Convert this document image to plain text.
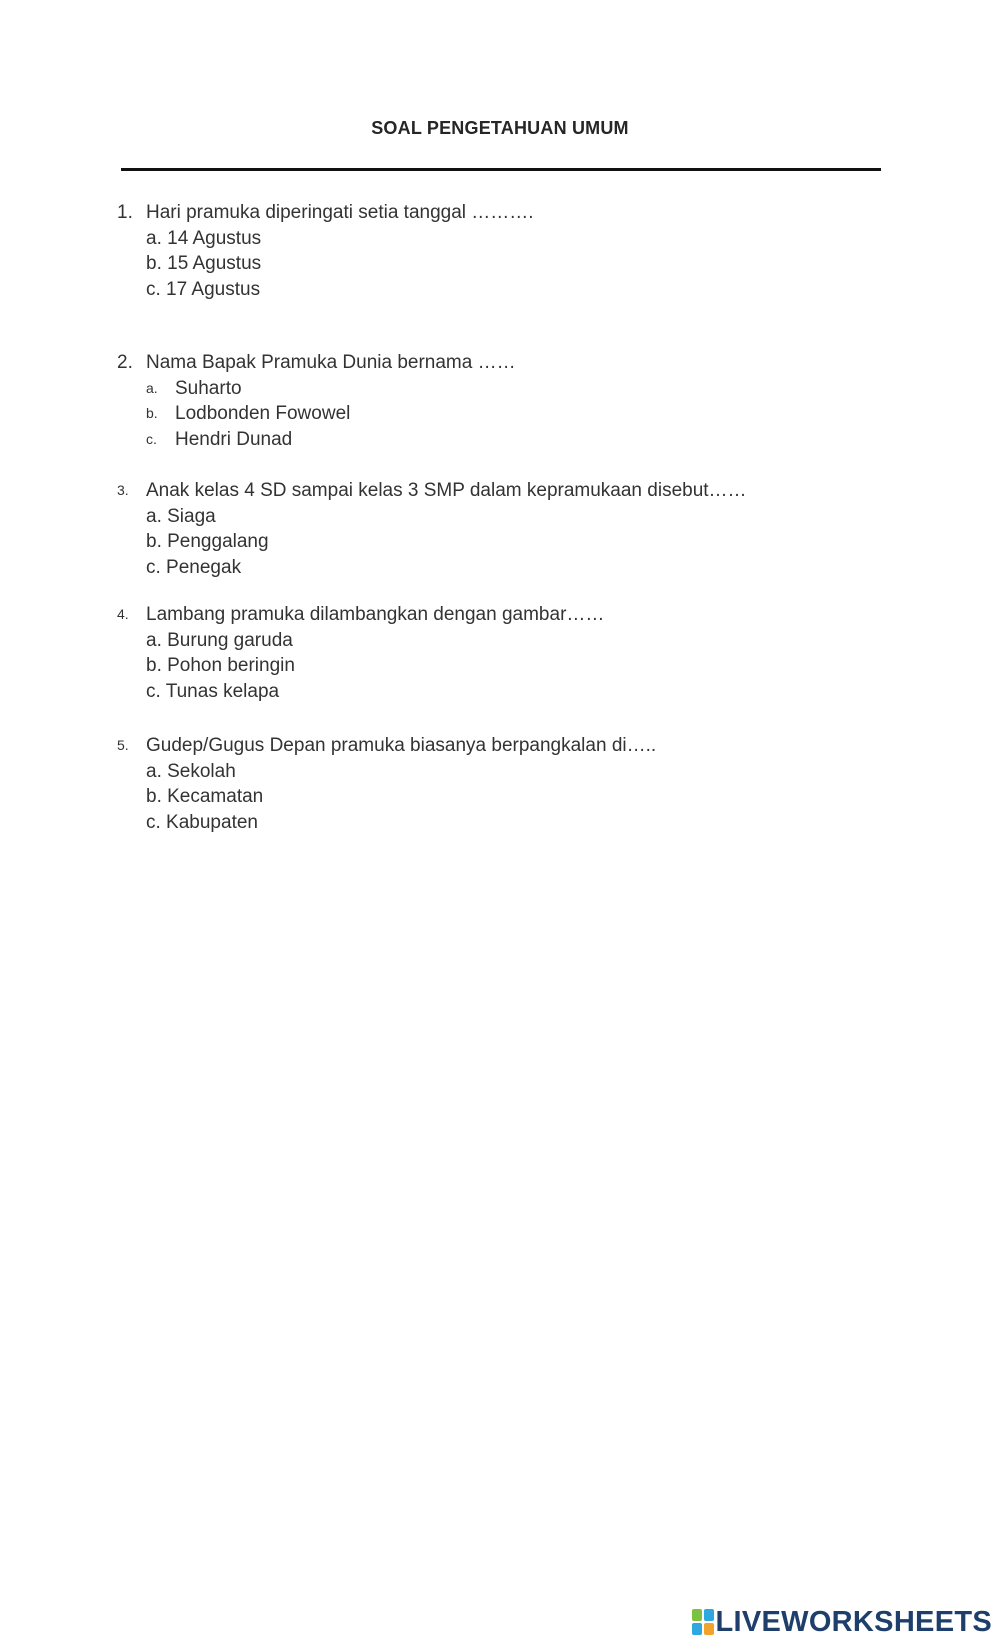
SOAL PENGETAHUAN UMUM
1. Hari pramuka diperingati setia tanggal ……….
a. 14 Agustus
b. 15 Agustus
c. 17 Agustus
2. Nama Bapak Pramuka Dunia bernama ……
a. Suharto
b. Lodbonden Fowowel
c. Hendri Dunad
3. Anak kelas 4 SD sampai kelas 3 SMP dalam kepramukaan disebut……
a. Siaga
b. Penggalang
c. Penegak
4. Lambang pramuka dilambangkan dengan gambar……
a. Burung garuda
b. Pohon beringin
c. Tunas kelapa
5. Gudep/Gugus Depan pramuka biasanya berpangkalan di…..
a. Sekolah
b. Kecamatan
c. Kabupaten
LIVEWORKSHEETS
